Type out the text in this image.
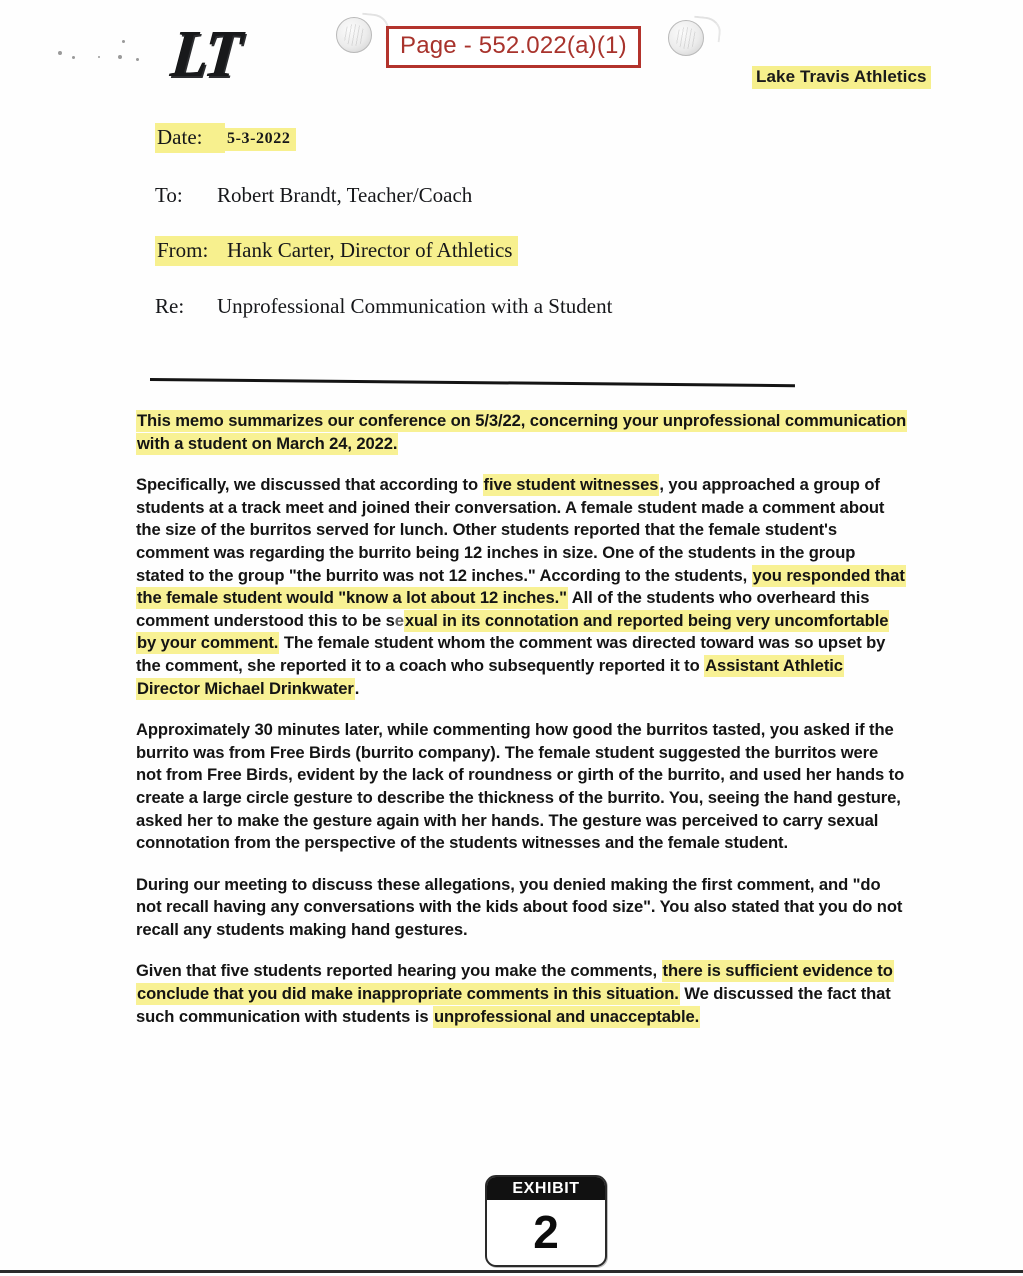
LT	Page - 552.022(a)(1)
Lake Travis Athletics
Date:	5-3-2022
To:	Robert Brandt, Teacher/Coach
From: Hank Carter, Director of Athletics
Re:	Unprofessional Communication with a Student

This memo summarizes our conference on 5/3/22, concerning your unprofessional communication with a student on March 24, 2022.

Specifically, we discussed that according to five student witnesses, you approached a group of students at a track meet and joined their conversation. A female student made a comment about the size of the burritos served for lunch. Other students reported that the female student's comment was regarding the burrito being 12 inches in size. One of the students in the group stated to the group "the burrito was not 12 inches." According to the students, you responded that the female student would "know a lot about 12 inches." All of the students who overheard this comment understood this to be sexual in its connotation and reported being very uncomfortable by your comment. The female student whom the comment was directed toward was so upset by the comment, she reported it to a coach who subsequently reported it to Assistant Athletic Director Michael Drinkwater.

Approximately 30 minutes later, while commenting how good the burritos tasted, you asked if the burrito was from Free Birds (burrito company). The female student suggested the burritos were not from Free Birds, evident by the lack of roundness or girth of the burrito, and used her hands to create a large circle gesture to describe the thickness of the burrito. You, seeing the hand gesture, asked her to make the gesture again with her hands. The gesture was perceived to carry sexual connotation from the perspective of the students witnesses and the female student.

During our meeting to discuss these allegations, you denied making the first comment, and "do not recall having any conversations with the kids about food size". You also stated that you do not recall any students making hand gestures.

Given that five students reported hearing you make the comments, there is sufficient evidence to conclude that you did make inappropriate comments in this situation. We discussed the fact that such communication with students is unprofessional and unacceptable.

EXHIBIT
2
